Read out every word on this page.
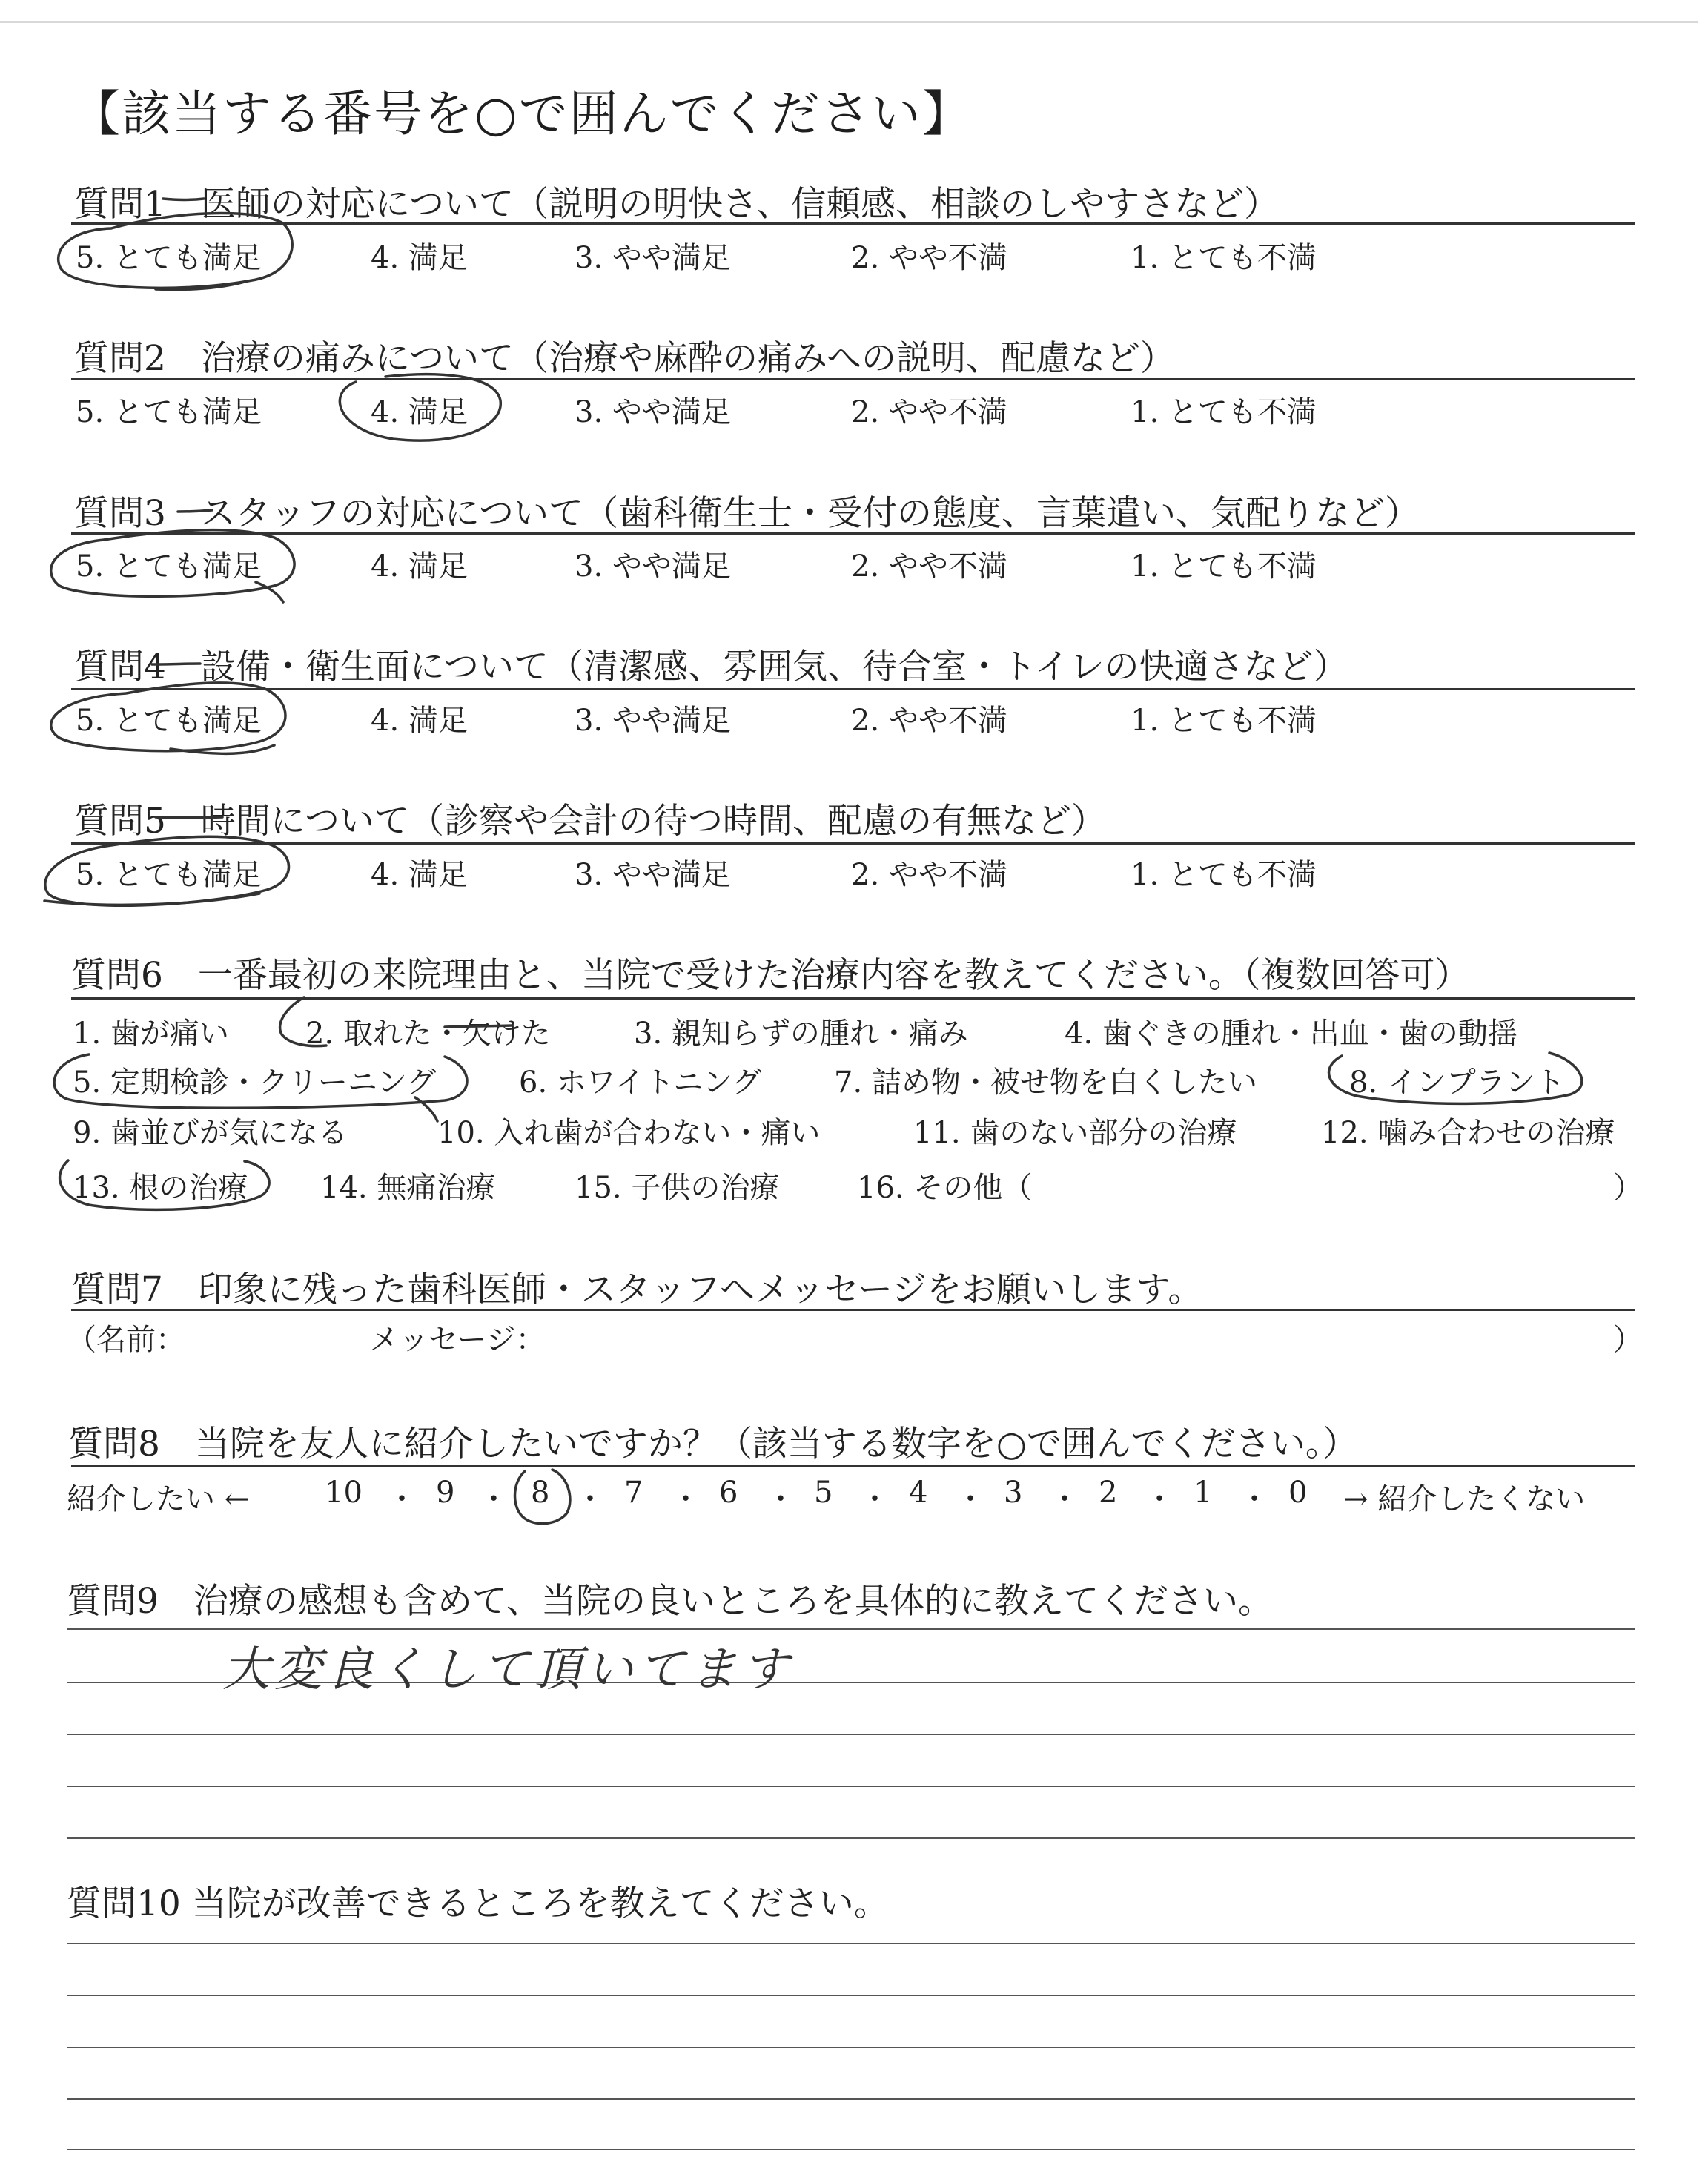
【該当する番号を○で囲んでください】
質問1　医師の対応について（説明の明快さ、信頼感、相談のしやすさなど）
5. とても満足	4. 満足	3. やや満足	2. やや不満	1. とても不満
質問2　治療の痛みについて（治療や麻酔の痛みへの説明、配慮など）
5. とても満足	4. 満足	3. やや満足	2. やや不満	1. とても不満
質問3　スタッフの対応について（歯科衛生士・受付の態度、言葉遣い、気配りなど）
5. とても満足	4. 満足	3. やや満足	2. やや不満	1. とても不満
質問4　設備・衛生面について（清潔感、雰囲気、待合室・トイレの快適さなど）
5. とても満足	4. 満足	3. やや満足	2. やや不満	1. とても不満
質問5　時間について（診察や会計の待つ時間、配慮の有無など）
5. とても満足	4. 満足	3. やや満足	2. やや不満	1. とても不満
質問6　一番最初の来院理由と、当院で受けた治療内容を教えてください。（複数回答可）
1. 歯が痛い	2. 取れた・欠けた	3. 親知らずの腫れ・痛み	4. 歯ぐきの腫れ・出血・歯の動揺
5. 定期検診・クリーニング	6. ホワイトニング 7. 詰め物・被せ物を白くしたい	8. インプラント
9. 歯並びが気になる	10. 入れ歯が合わない・痛い	11. 歯のない部分の治療	12. 噛み合わせの治療
13. 根の治療 14. 無痛治療	15. 子供の治療	16. その他（	）
質問7　印象に残った歯科医師・スタッフへメッセージをお願いします。
（名前：	メッセージ：	）
質問8　当院を友人に紹介したいですか？（該当する数字を○で囲んでください。）
紹介したい ←	10 ・ 9 ・ 8 ・ 7 ・ 6 ・ 5 ・ 4 ・ 3 ・ 2 ・ 1 ・ 0 → 紹介したくない
質問9　治療の感想も含めて、当院の良いところを具体的に教えてください。
大変良くして頂いてます
質問10 当院が改善できるところを教えてください。
